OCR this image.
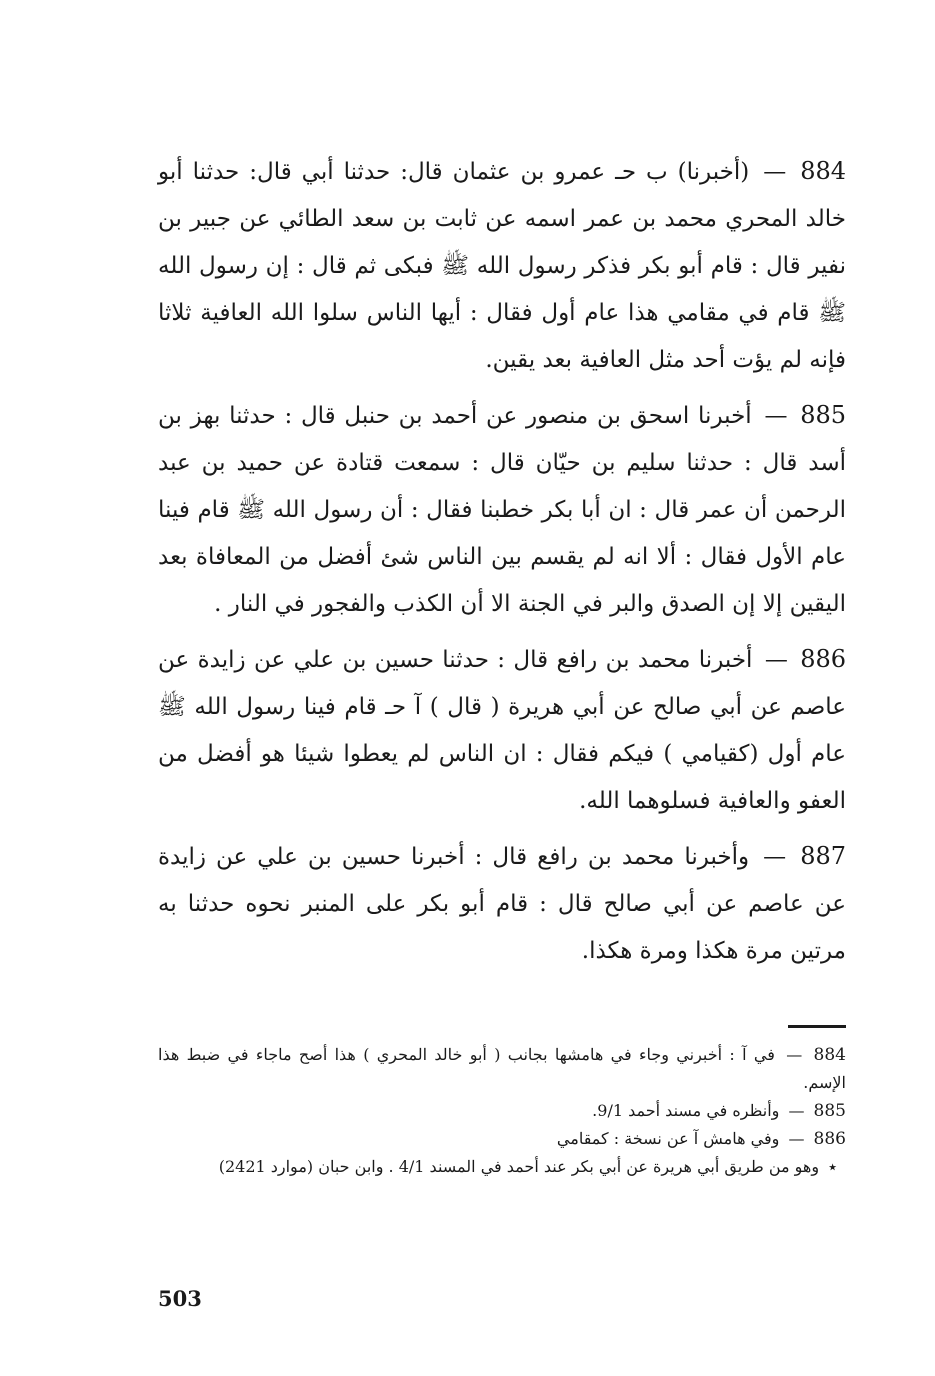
884 — (أخبرنا) ب حـ عمرو بن عثمان قال: حدثنا أبي قال: حدثنا أبو خالد المحري محمد بن عمر اسمه عن ثابت بن سعد الطائي عن جبير بن نفير قال : قام أبو بكر فذكر رسول الله ﷺ فبكى ثم قال : إن رسول الله ﷺ قام في مقامي هذا عام أول فقال : أيها الناس سلوا الله العافية ثلاثا فإنه لم يؤت أحد مثل العافية بعد يقين.

885 — أخبرنا اسحق بن منصور عن أحمد بن حنبل قال : حدثنا بهز بن أسد قال : حدثنا سليم بن حيّان قال : سمعت قتادة عن حميد بن عبد الرحمن أن عمر قال : ان أبا بكر خطبنا فقال : أن رسول الله ﷺ قام فينا عام الأول فقال : ألا انه لم يقسم بين الناس شئ أفضل من المعافاة بعد اليقين إلا إن الصدق والبر في الجنة الا أن الكذب والفجور في النار .

886 — أخبرنا محمد بن رافع قال : حدثنا حسين بن علي عن زايدة عن عاصم عن أبي صالح عن أبي هريرة ( قال ) آ حـ قام فينا رسول الله ﷺ عام أول (كقيامي ) فيكم فقال : ان الناس لم يعطوا شيئا هو أفضل من العفو والعافية فسلوهما الله.

887 — وأخبرنا محمد بن رافع قال : أخبرنا حسين بن علي عن زايدة عن عاصم عن أبي صالح قال : قام أبو بكر على المنبر نحوه حدثنا به مرتين مرة هكذا ومرة هكذا.

884 — في آ : أخبرني وجاء في هامشها بجانب ( أبو خالد المحري ) هذا أصح ماجاء في ضبط هذا الإسم.

885 — وأنظره في مسند أحمد 9/1.

886 — وفي هامش آ عن نسخة : كمقامي

٭ وهو من طريق أبي هريرة عن أبي بكر عند أحمد في المسند 4/1 . وابن حبان (موارد 2421)

503
